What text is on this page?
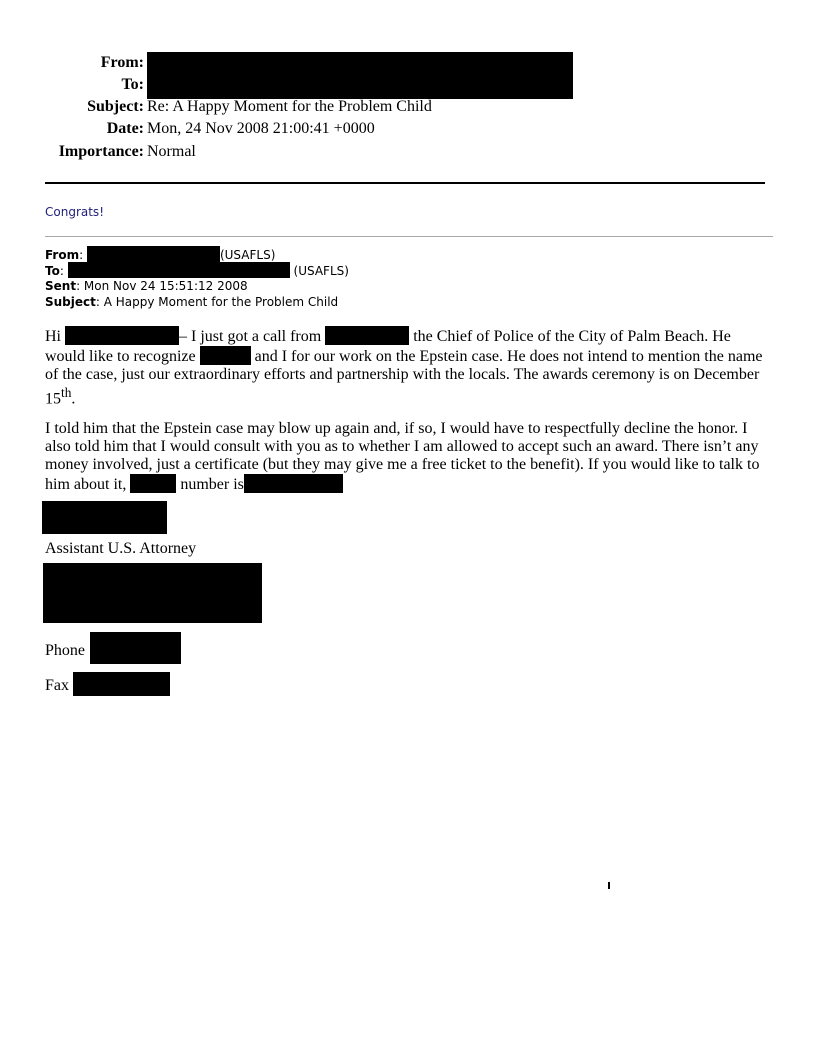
From:
To:
Subject: Re: A Happy Moment for the Problem Child
Date: Mon, 24 Nov 2008 21:00:41 +0000
Importance: Normal
Congrats!
From:	(USAFLS)
To:	(USAFLS)
Sent: Mon Nov 24 15:51:12 2008
Subject: A Happy Moment for the Problem Child

Hi	– I just got a call from	the Chief of Police of the City of Palm Beach. He would like to recognize	and I for our work on the Epstein case. He does not intend to mention the name of the case, just our extraordinary efforts and partnership with the locals. The awards ceremony is on December 15th.

I told him that the Epstein case may blow up again and, if so, I would have to respectfully decline the honor. I also told him that I would consult with you as to whether I am allowed to accept such an award. There isn’t any money involved, just a certificate (but they may give me a free ticket to the benefit). If you would like to talk to him about it,	number is

Assistant U.S. Attorney
Phone
Fax
